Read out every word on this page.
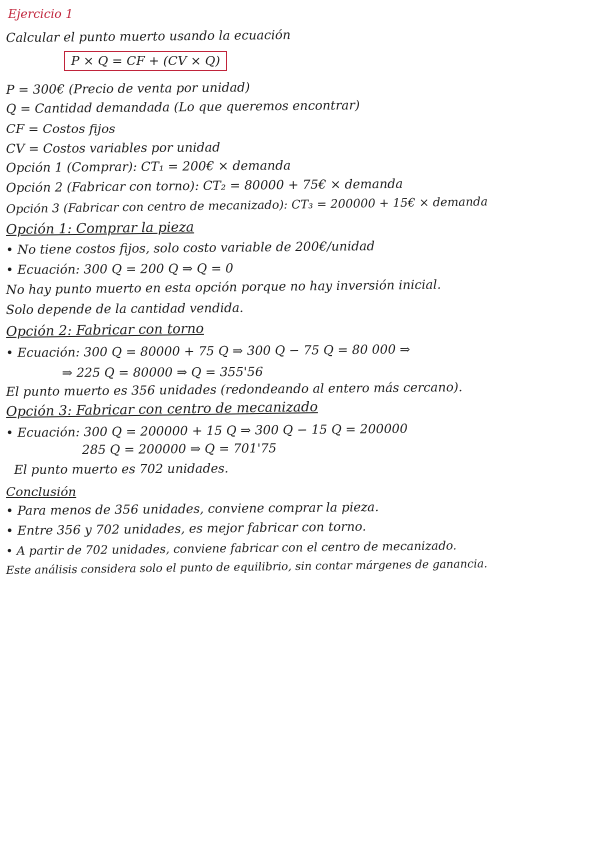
Ejercicio 1
Calcular el punto muerto usando la ecuación
P × Q = CF + (CV × Q)
P = 300€ (Precio de venta por unidad)
Q = Cantidad demandada (Lo que queremos encontrar)
CF = Costos fijos
CV = Costos variables por unidad
Opción 1 (Comprar): CT₁ = 200€ × demanda
Opción 2 (Fabricar con torno): CT₂ = 80000 + 75€ × demanda
Opción 3 (Fabricar con centro de mecanizado): CT₃ = 200000 + 15€ × demanda
Opción 1: Comprar la pieza
• No tiene costos fijos, solo costo variable de 200€/unidad
• Ecuación: 300 Q = 200 Q ⇒ Q = 0
No hay punto muerto en esta opción porque no hay inversión inicial.
Solo depende de la cantidad vendida.
Opción 2: Fabricar con torno
• Ecuación: 300 Q = 80000 + 75 Q ⇒ 300 Q − 75 Q = 80 000 ⇒
⇒ 225 Q = 80000 ⇒ Q = 355'56
El punto muerto es 356 unidades (redondeando al entero más cercano).
Opción 3: Fabricar con centro de mecanizado
• Ecuación: 300 Q = 200000 + 15 Q ⇒ 300 Q − 15 Q = 200000
285 Q = 200000 ⇒ Q = 701'75
El punto muerto es 702 unidades.
Conclusión
• Para menos de 356 unidades, conviene comprar la pieza.
• Entre 356 y 702 unidades, es mejor fabricar con torno.
• A partir de 702 unidades, conviene fabricar con el centro de mecanizado.
Este análisis considera solo el punto de equilibrio, sin contar márgenes de ganancia.
